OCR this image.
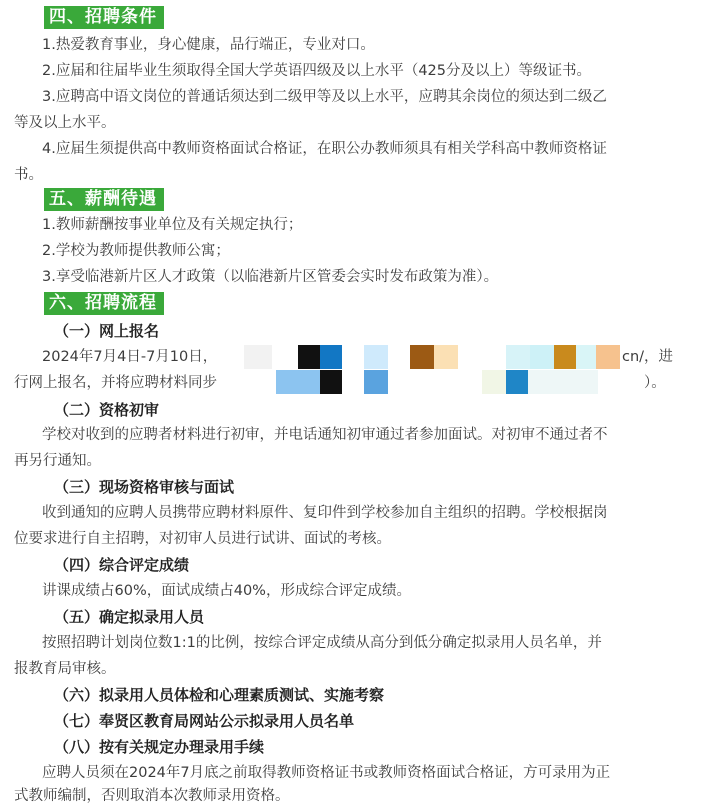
四、招聘条件
1.热爱教育事业，身心健康，品行端正，专业对口。
2.应届和往届毕业生须取得全国大学英语四级及以上水平（425分及以上）等级证书。
3.应聘高中语文岗位的普通话须达到二级甲等及以上水平，应聘其余岗位的须达到二级乙
等及以上水平。
4.应届生须提供高中教师资格面试合格证，在职公办教师须具有相关学科高中教师资格证
书。
五、薪酬待遇
1.教师薪酬按事业单位及有关规定执行；
2.学校为教师提供教师公寓；
3.享受临港新片区人才政策（以临港新片区管委会实时发布政策为准）。
六、招聘流程
（一）网上报名
2024年7月4日-7月10日，	cn/，进
行网上报名，并将应聘材料同步	）。
（二）资格初审
学校对收到的应聘者材料进行初审，并电话通知初审通过者参加面试。对初审不通过者不
再另行通知。
（三）现场资格审核与面试
收到通知的应聘人员携带应聘材料原件、复印件到学校参加自主组织的招聘。学校根据岗
位要求进行自主招聘，对初审人员进行试讲、面试的考核。
（四）综合评定成绩
讲课成绩占60%，面试成绩占40%，形成综合评定成绩。
（五）确定拟录用人员
按照招聘计划岗位数1:1的比例，按综合评定成绩从高分到低分确定拟录用人员名单，并
报教育局审核。
（六）拟录用人员体检和心理素质测试、实施考察
（七）奉贤区教育局网站公示拟录用人员名单
（八）按有关规定办理录用手续
应聘人员须在2024年7月底之前取得教师资格证书或教师资格面试合格证，方可录用为正
式教师编制，否则取消本次教师录用资格。
